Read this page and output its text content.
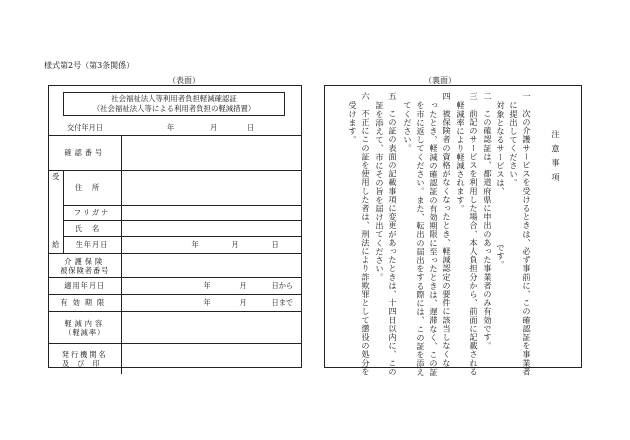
様式第2号（第3条関係）
（表面）	（裏面）
社会福祉法人等利用者負担軽減確認証
（社会福祉法人等による利用者負担の軽減措置）
交付年月日	年	月	日
確認番号		

受
給	住所	
	フリガナ	
	氏名	
	生年月日	年 月 日

介護保険
被保険者番号		

適用年月日		年 月 日から

有効期限		年 月 日まで

軽減内容
（軽減率）		

発行機関名
及び印		

注意事項
一　次の介護サービスを受けるときは、必ず事前に、この確認証を事業者
に提出してください。
対象となるサービスは、　　　　　　です。
二　この確認証は、都道府県に申出のあった事業者のみ有効です。
三　前記のサービスを利用した場合、本人負担分から、前面に記載される
軽減率により軽減されます。
四　被保険者の資格がなくなったとき、軽減認定の要件に該当しなくな
ったとき、軽減の確認証の有効期限に至ったときは、遅滞なく、この証
を市に返してください。また、転出の届出をする際には、この証を添え
てください。
五　この証の表面の記載事項に変更があったときは、十四日以内に、この
証を添えて、市にその旨を届け出てください。
六　不正にこの証を使用した者は、刑法により詐欺罪として懲役の処分を
受けます。
